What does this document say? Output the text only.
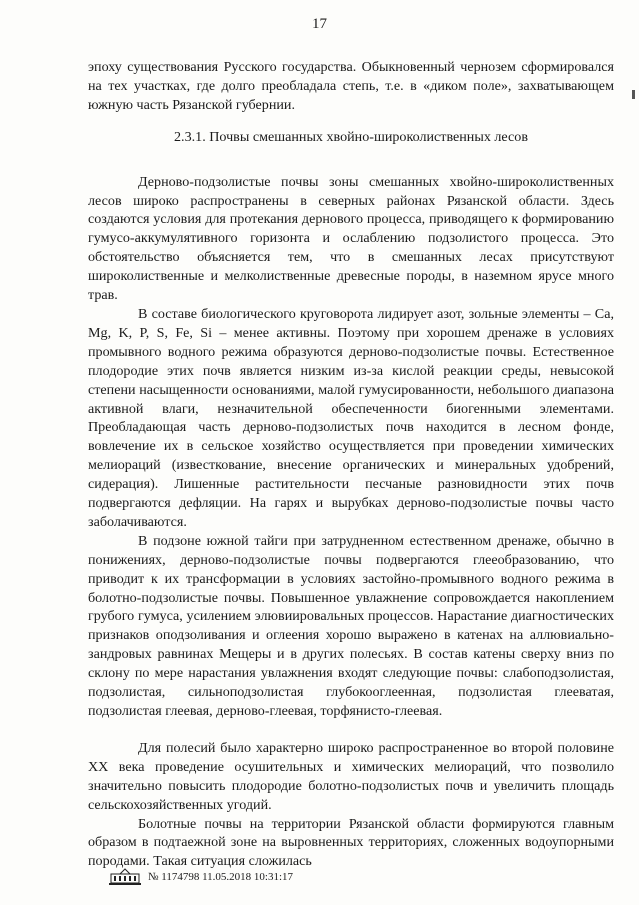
17

эпоху существования Русского государства. Обыкновенный чернозем сформировался на тех участках, где долго преобладала степь, т.е. в «диком поле», захватывающем южную часть Рязанской губернии.

2.3.1. Почвы смешанных хвойно-широколиственных лесов

Дерново-подзолистые почвы зоны смешанных хвойно-широколиственных лесов широко распространены в северных районах Рязанской области. Здесь создаются условия для протекания дернового процесса, приводящего к формированию гумусо-аккумулятивного горизонта и ослаблению подзолистого процесса. Это обстоятельство объясняется тем, что в смешанных лесах присутствуют широколиственные и мелколиственные древесные породы, в наземном ярусе много трав.

В составе биологического круговорота лидирует азот, зольные элементы – Ca, Mg, K, P, S, Fe, Si – менее активны. Поэтому при хорошем дренаже в условиях промывного водного режима образуются дерново-подзолистые почвы. Естественное плодородие этих почв является низким из-за кислой реакции среды, невысокой степени насыщенности основаниями, малой гумусированности, небольшого диапазона активной влаги, незначительной обеспеченности биогенными элементами. Преобладающая часть дерново-подзолистых почв находится в лесном фонде, вовлечение их в сельское хозяйство осуществляется при проведении химических мелиораций (известкование, внесение органических и минеральных удобрений, сидерация). Лишенные растительности песчаные разновидности этих почв подвергаются дефляции. На гарях и вырубках дерново-подзолистые почвы часто заболачиваются.

В подзоне южной тайги при затрудненном естественном дренаже, обычно в понижениях, дерново-подзолистые почвы подвергаются глееобразованию, что приводит к их трансформации в условиях застойно-промывного водного режима в болотно-подзолистые почвы. Повышенное увлажнение сопровождается накоплением грубого гумуса, усилением элювиировальных процессов. Нарастание диагностических признаков оподзоливания и оглеения хорошо выражено в катенах на аллювиально-зандровых равнинах Мещеры и в других полесьях. В состав катены сверху вниз по склону по мере нарастания увлажнения входят следующие почвы: слабоподзолистая, подзолистая, сильноподзолистая глубокооглеенная, подзолистая глееватая, подзолистая глеевая, дерново-глеевая, торфянисто-глеевая.

Для полесий было характерно широко распространенное во второй половине XX века проведение осушительных и химических мелиораций, что позволило значительно повысить плодородие болотно-подзолистых почв и увеличить площадь сельскохозяйственных угодий.

Болотные почвы на территории Рязанской области формируются главным образом в подтаежной зоне на выровненных территориях, сложенных водоупорными породами. Такая ситуация сложилась

№ 1174798 11.05.2018 10:31:17
